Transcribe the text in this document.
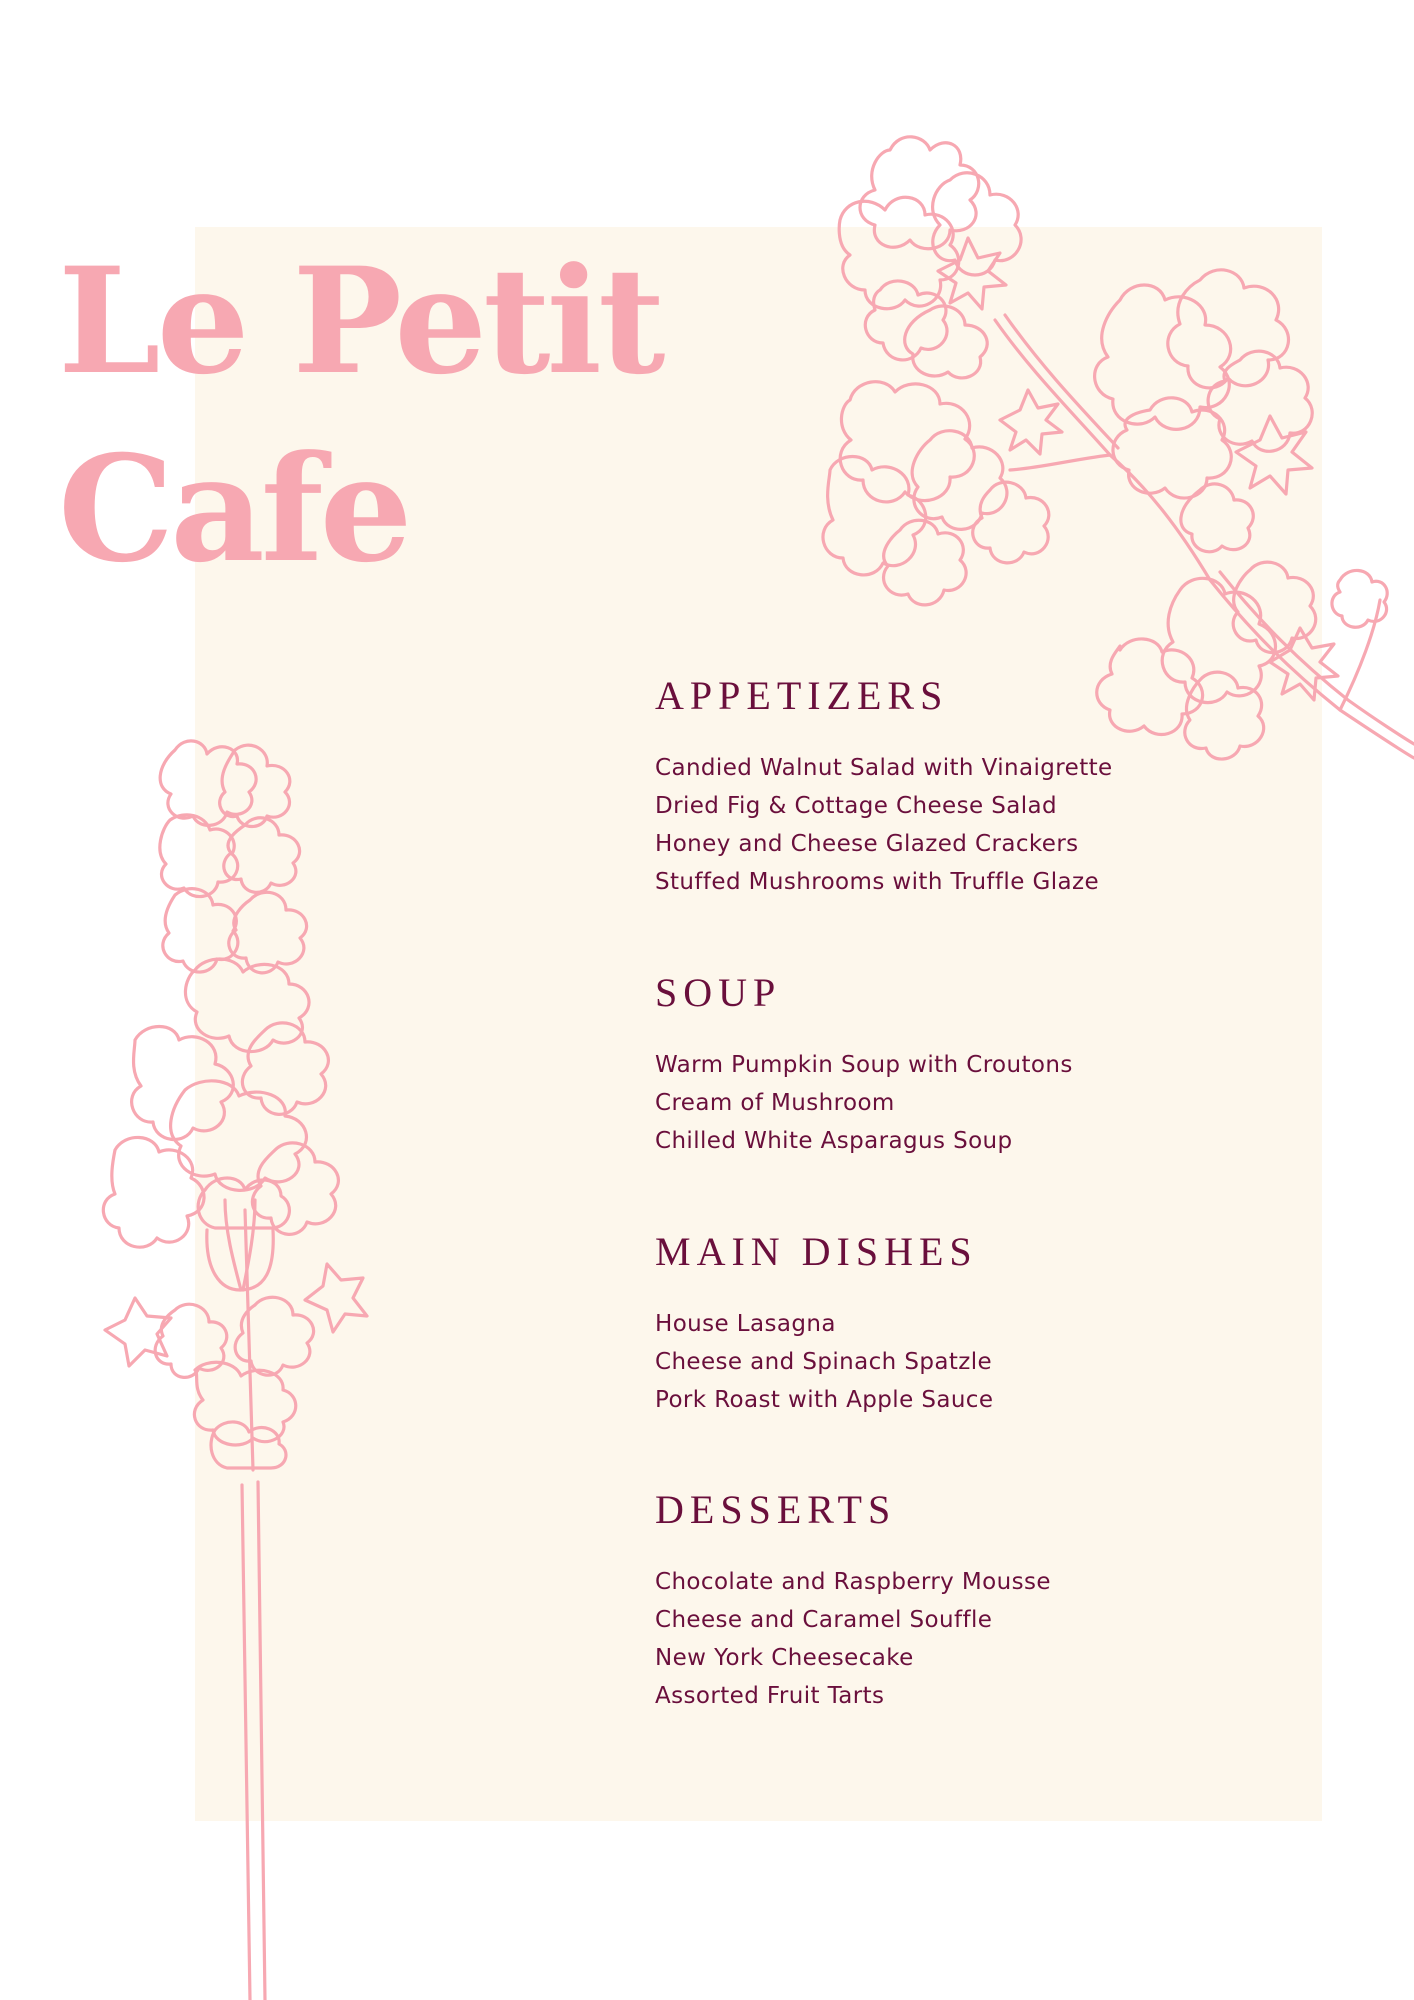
Le Petit
Cafe
APPETIZERS
Candied Walnut Salad with Vinaigrette
Dried Fig & Cottage Cheese Salad
Honey and Cheese Glazed Crackers
Stuffed Mushrooms with Truffle Glaze
SOUP
Warm Pumpkin Soup with Croutons
Cream of Mushroom
Chilled White Asparagus Soup
MAIN DISHES
House Lasagna
Cheese and Spinach Spatzle
Pork Roast with Apple Sauce
DESSERTS
Chocolate and Raspberry Mousse
Cheese and Caramel Souffle
New York Cheesecake
Assorted Fruit Tarts
